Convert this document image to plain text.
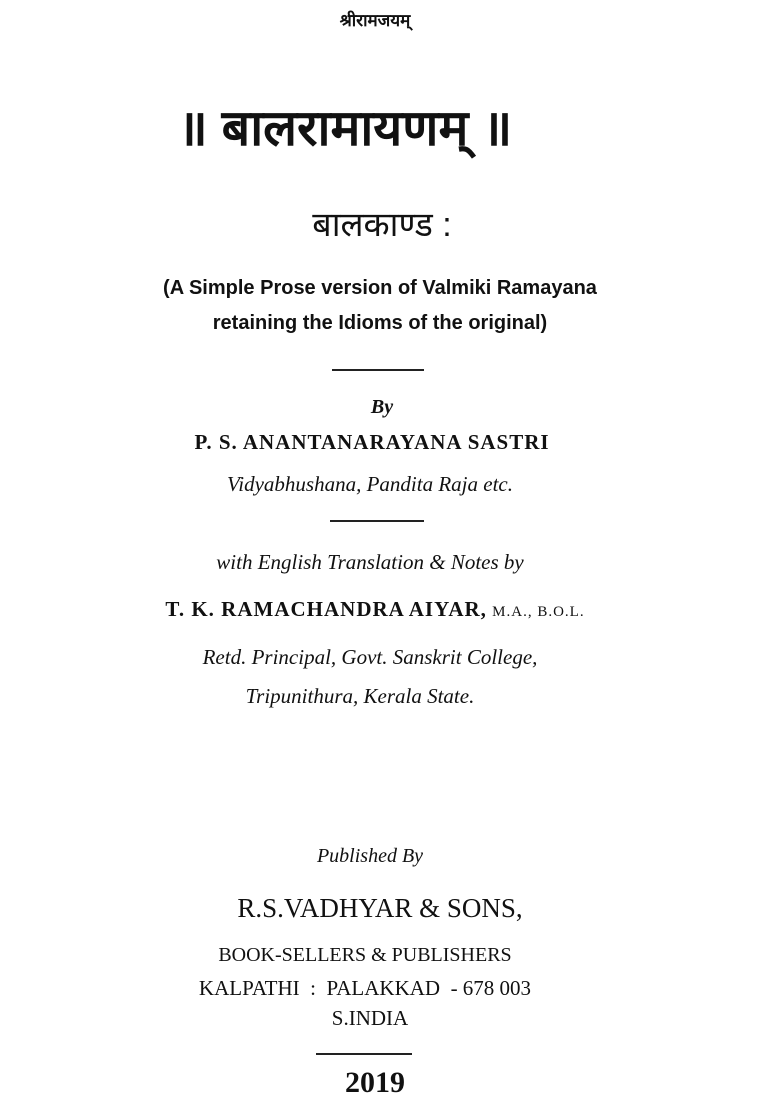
श्रीरामजयम्
॥ बालरामायणम् ॥
बालकाण्ड :
(A Simple Prose version of Valmiki Ramayana
retaining the Idioms of the original)
By
P. S. ANANTANARAYANA SASTRI
Vidyabhushana, Pandita Raja etc.
with English Translation & Notes by
T. K. RAMACHANDRA AIYAR, M.A., B.O.L.
Retd. Principal, Govt. Sanskrit College,
Tripunithura, Kerala State.
Published By
R.S.VADHYAR & SONS,
BOOK-SELLERS & PUBLISHERS
KALPATHI  :  PALAKKAD  - 678 003
S.INDIA
2019
